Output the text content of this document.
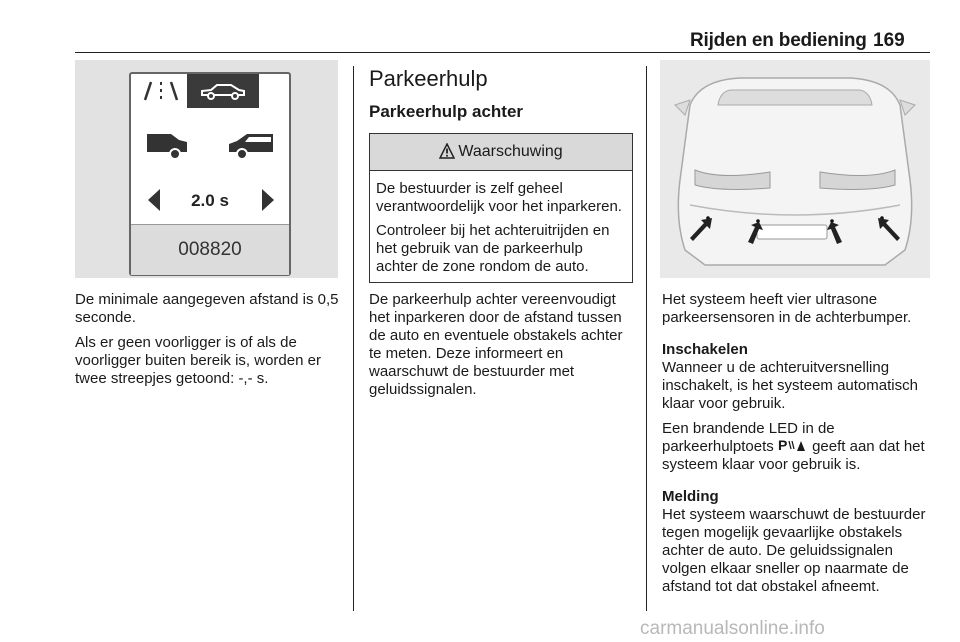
Rijden en bediening 169
2.0 s
008820

De minimale aangegeven afstand is 0,5 seconde.

Als er geen voorligger is of als de voorligger buiten bereik is, worden er twee streepjes getoond: -,- s.

Parkeerhulp
Parkeerhulp achter
Waarschuwing

De bestuurder is zelf geheel verantwoordelijk voor het inparkeren.

Controleer bij het achteruitrijden en het gebruik van de parkeerhulp achter de zone rondom de auto.

De parkeerhulp achter vereenvoudigt het inparkeren door de afstand tussen de auto en eventuele obstakels achter te meten. Deze informeert en waarschuwt de bestuurder met geluidssignalen.

Het systeem heeft vier ultrasone parkeersensoren in de achterbumper.

Inschakelen

Wanneer u de achteruitversnelling inschakelt, is het systeem automatisch klaar voor gebruik.

Een brandende LED in de parkeerhulptoets P geeft aan dat het systeem klaar voor gebruik is.

Melding

Het systeem waarschuwt de bestuurder tegen mogelijk gevaarlijke obstakels achter de auto. De geluidssignalen volgen elkaar sneller op naarmate de afstand tot dat obstakel afneemt.

carmanualsonline.info
